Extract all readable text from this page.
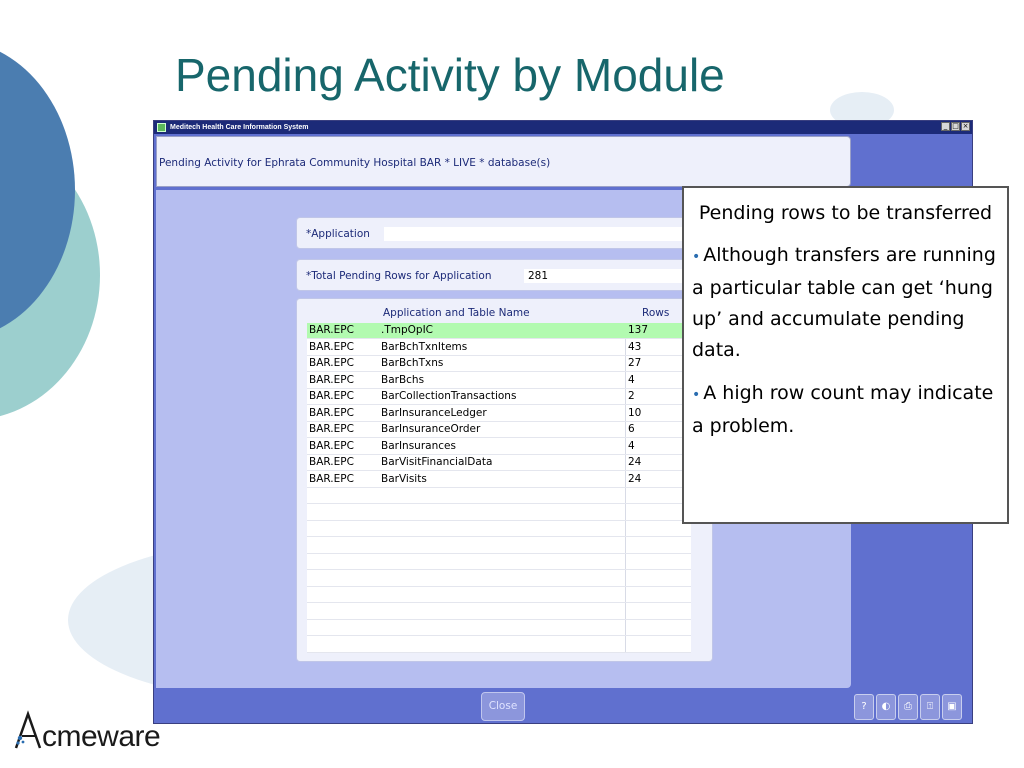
Pending Activity by Module
Meditech Health Care Information System	_ □ ×
Pending Activity for Ephrata Community Hospital BAR * LIVE * database(s)
*Application
*Total Pending Rows for Application	281
Application and Table Name	Rows
BAR.EPC	.TmpOpIC	137
BAR.EPC	BarBchTxnItems	43
BAR.EPC	BarBchTxns	27
BAR.EPC	BarBchs	4
BAR.EPC	BarCollectionTransactions	2
BAR.EPC	BarInsuranceLedger	10
BAR.EPC	BarInsuranceOrder	6
BAR.EPC	BarInsurances	4
BAR.EPC	BarVisitFinancialData	24
BAR.EPC	BarVisits	24
Close	?	◐	⎙	⍐	▣
Pending rows to be transferred
• Although transfers are running a particular table can get ‘hung up’ and accumulate pending data.
• A high row count may indicate a problem.
cmeware
